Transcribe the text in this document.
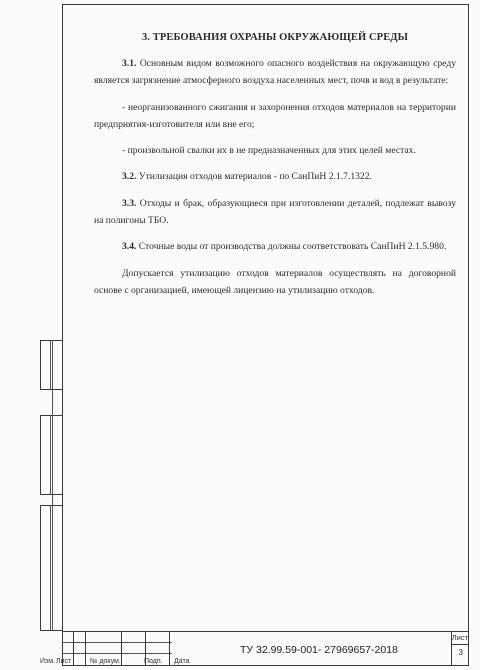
3. ТРЕБОВАНИЯ ОХРАНЫ ОКРУЖАЮЩЕЙ СРЕДЫ

3.1. Основным видом возможного опасного воздействия на окружающую среду является загрязнение атмосферного воздуха населенных мест, почв и вод в результате:

- неорганизованного сжигания и захоронения отходов материалов на территории предприятия-изготовителя или вне его;

- произвольной свалки их в не предназначенных для этих целей местах.

3.2. Утилизация отходов материалов - по СанПиН 2.1.7.1322.

3.3. Отходы и брак, образующиеся при изготовлении деталей, подлежат вывозу на полигоны ТБО.

3.4. Сточные воды от производства должны соответствовать СанПиН 2.1.5.980.

Допускается утилизацию отходов материалов осуществлять на договорной основе с организацией, имеющей лицензию на утилизацию отходов.

Изм. Лист	№ докум.	Подп. Дата
ТУ 32.99.59-001- 27969657-2018
Лист
3
